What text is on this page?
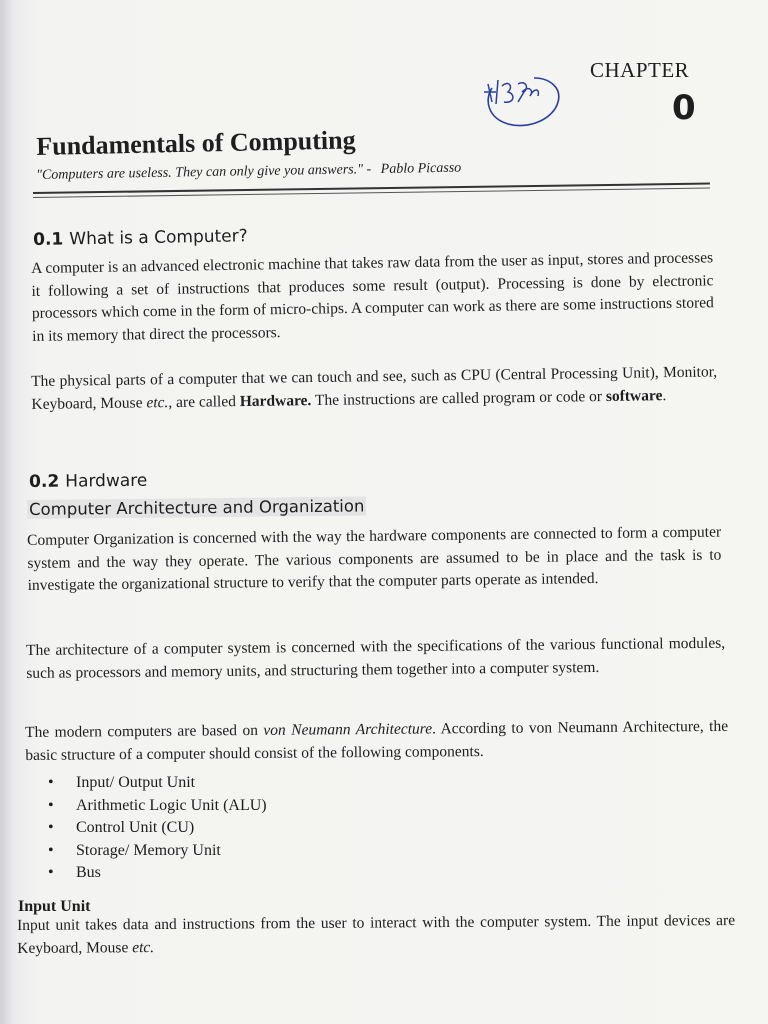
CHAPTER
0
Fundamentals of Computing
"Computers are useless. They can only give you answers." - Pablo Picasso
0.1 What is a Computer?
A computer is an advanced electronic machine that takes raw data from the user as input, stores and processes it following a set of instructions that produces some result (output). Processing is done by electronic processors which come in the form of micro-chips. A computer can work as there are some instructions stored in its memory that direct the processors.
The physical parts of a computer that we can touch and see, such as CPU (Central Processing Unit), Monitor, Keyboard, Mouse etc., are called Hardware. The instructions are called program or code or software.
0.2 Hardware
Computer Architecture and Organization
Computer Organization is concerned with the way the hardware components are connected to form a computer system and the way they operate. The various components are assumed to be in place and the task is to investigate the organizational structure to verify that the computer parts operate as intended.
The architecture of a computer system is concerned with the specifications of the various functional modules, such as processors and memory units, and structuring them together into a computer system.
The modern computers are based on von Neumann Architecture. According to von Neumann Architecture, the basic structure of a computer should consist of the following components.
• Input/ Output Unit
• Arithmetic Logic Unit (ALU)
• Control Unit (CU)
• Storage/ Memory Unit
• Bus
Input Unit
Input unit takes data and instructions from the user to interact with the computer system. The input devices are Keyboard, Mouse etc.
